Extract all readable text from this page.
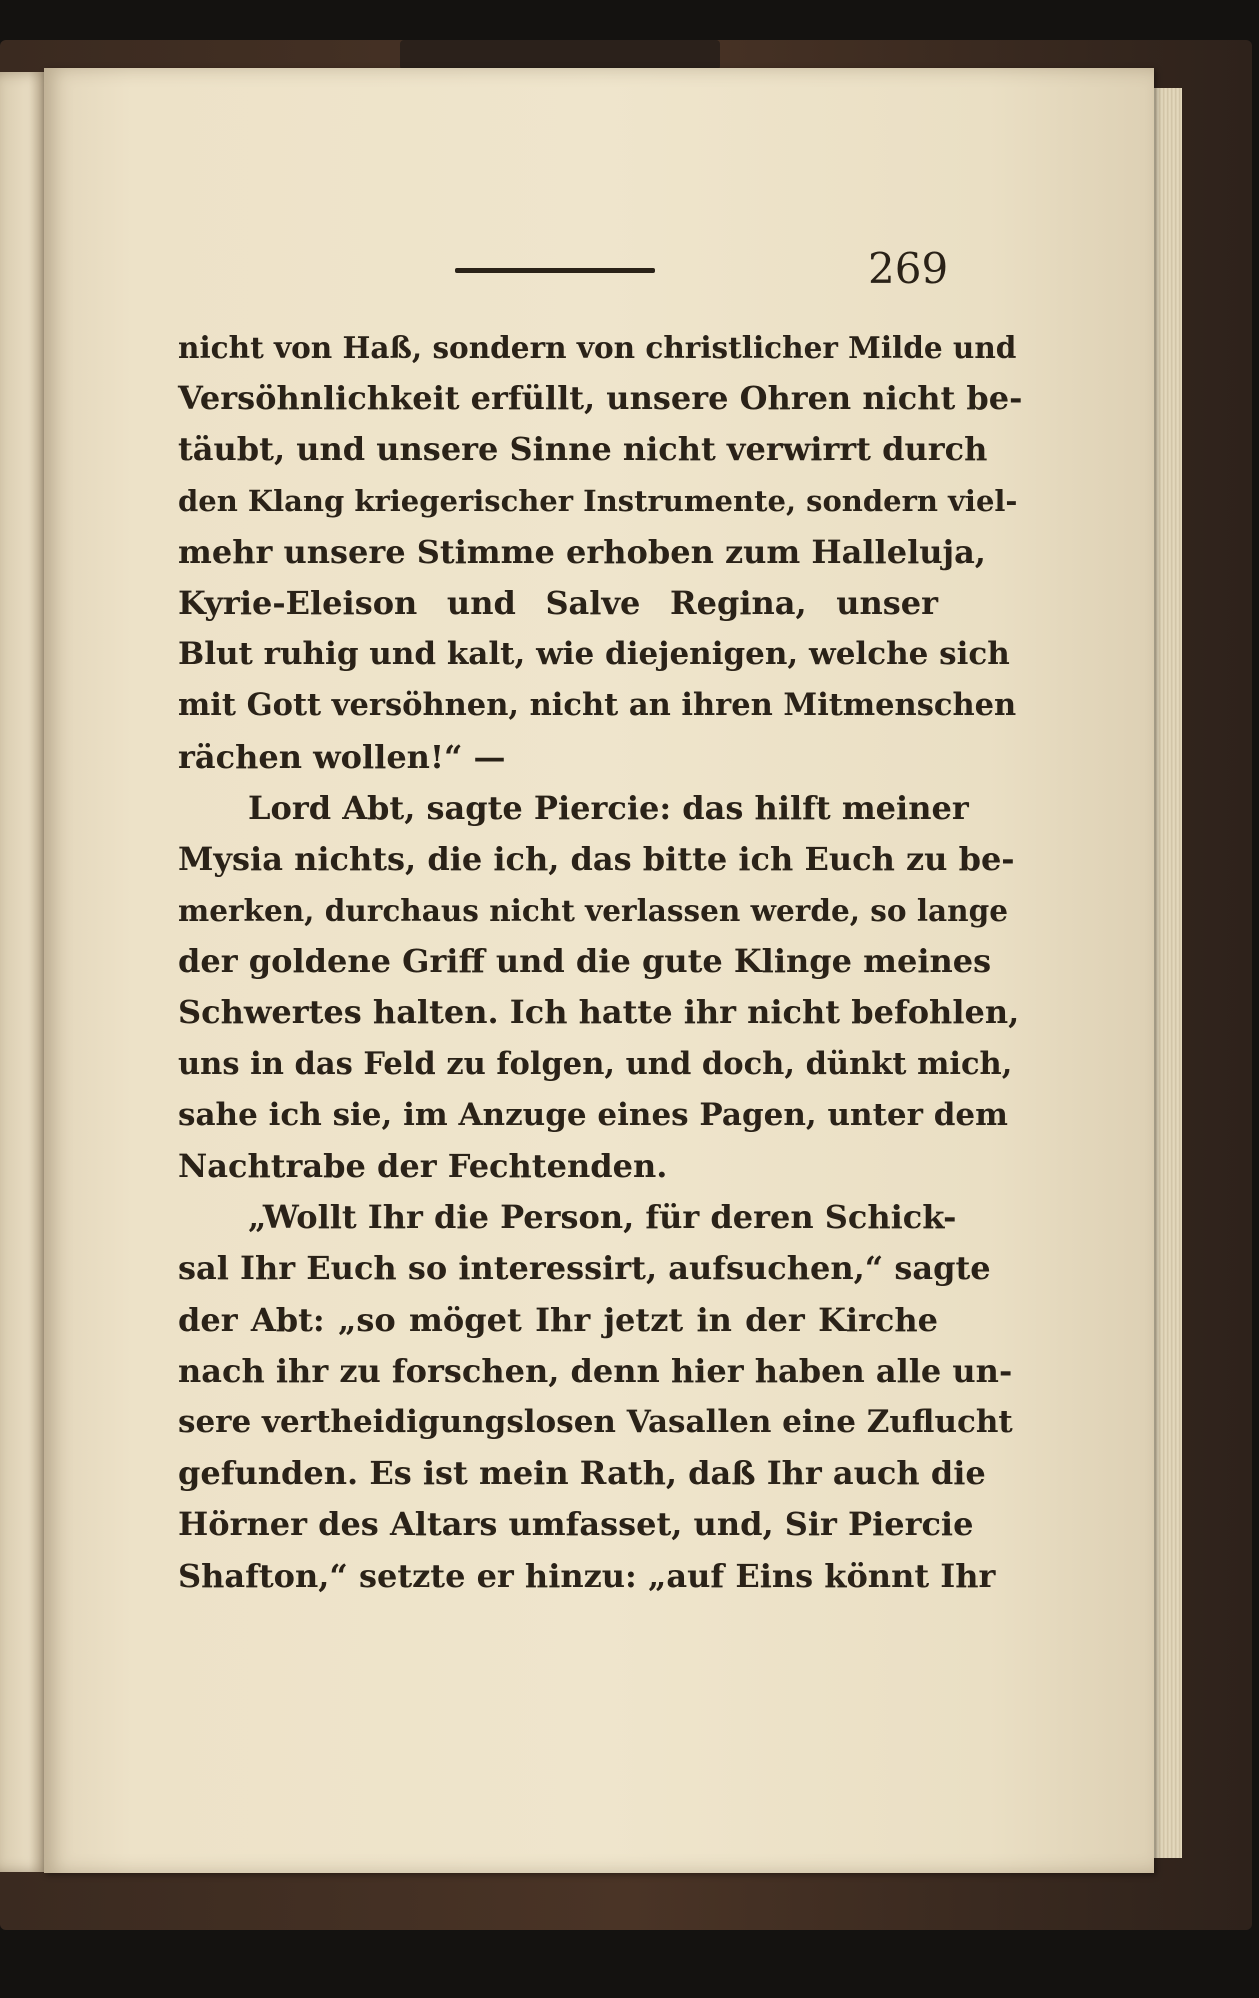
269
nicht von Haß, sondern von christlicher Milde und
Versöhnlichkeit erfüllt, unsere Ohren nicht be-
täubt, und unsere Sinne nicht verwirrt durch
den Klang kriegerischer Instrumente, sondern viel-
mehr unsere Stimme erhoben zum Halleluja,
Kyrie-Eleison und Salve Regina, unser
Blut ruhig und kalt, wie diejenigen, welche sich
mit Gott versöhnen, nicht an ihren Mitmenschen
rächen wollen!“ —
Lord Abt, sagte Piercie: das hilft meiner
Mysia nichts, die ich, das bitte ich Euch zu be-
merken, durchaus nicht verlassen werde, so lange
der goldene Griff und die gute Klinge meines
Schwertes halten. Ich hatte ihr nicht befohlen,
uns in das Feld zu folgen, und doch, dünkt mich,
sahe ich sie, im Anzuge eines Pagen, unter dem
Nachtrabe der Fechtenden.
„Wollt Ihr die Person, für deren Schick-
sal Ihr Euch so interessirt, aufsuchen,“ sagte
der Abt: „so möget Ihr jetzt in der Kirche
nach ihr zu forschen, denn hier haben alle un-
sere vertheidigungslosen Vasallen eine Zuflucht
gefunden. Es ist mein Rath, daß Ihr auch die
Hörner des Altars umfasset, und, Sir Piercie
Shafton,“ setzte er hinzu: „auf Eins könnt Ihr
